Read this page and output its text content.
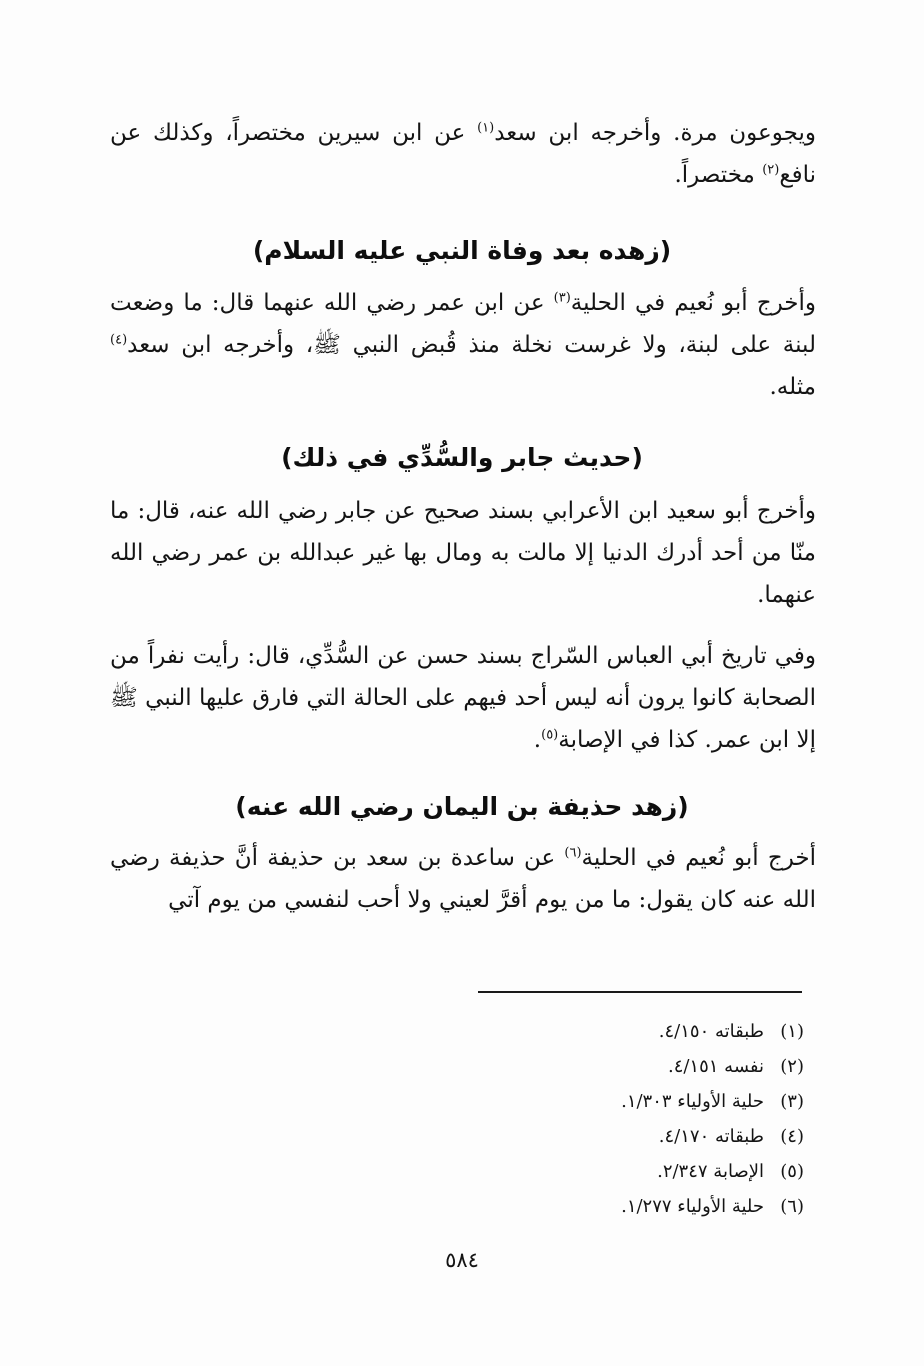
ويجوعون مرة. وأخرجه ابن سعد$^{(١)}$ عن ابن سيرين مختصراً، وكذلك عن نافع$^{(٢)}$ مختصراً.

(زهده بعد وفاة النبي عليه السلام)

وأخرج أبو نُعيم في الحلية$^{(٣)}$ عن ابن عمر رضي الله عنهما قال: ما وضعت لبنة على لبنة، ولا غرست نخلة منذ قُبض النبي ﷺ، وأخرجه ابن سعد$^{(٤)}$ مثله.

(حديث جابر والسُّدِّي في ذلك)

وأخرج أبو سعيد ابن الأعرابي بسند صحيح عن جابر رضي الله عنه، قال: ما منّا من أحد أدرك الدنيا إلا مالت به ومال بها غير عبدالله بن عمر رضي الله عنهما.

وفي تاريخ أبي العباس السّراج بسند حسن عن السُّدِّي، قال: رأيت نفراً من الصحابة كانوا يرون أنه ليس أحد فيهم على الحالة التي فارق عليها النبي ﷺ إلا ابن عمر. كذا في الإصابة$^{(٥)}$.

(زهد حذيفة بن اليمان رضي الله عنه)

أخرج أبو نُعيم في الحلية$^{(٦)}$ عن ساعدة بن سعد بن حذيفة أنَّ حذيفة رضي الله عنه كان يقول: ما من يوم أقرَّ لعيني ولا أحب لنفسي من يوم آتي

(١)طبقاته ٤/١٥٠.
(٢)نفسه ٤/١٥١.
(٣)حلية الأولياء ١/٣٠٣.
(٤)طبقاته ٤/١٧٠.
(٥)الإصابة ٢/٣٤٧.
(٦)حلية الأولياء ١/٢٧٧.
٥٨٤
